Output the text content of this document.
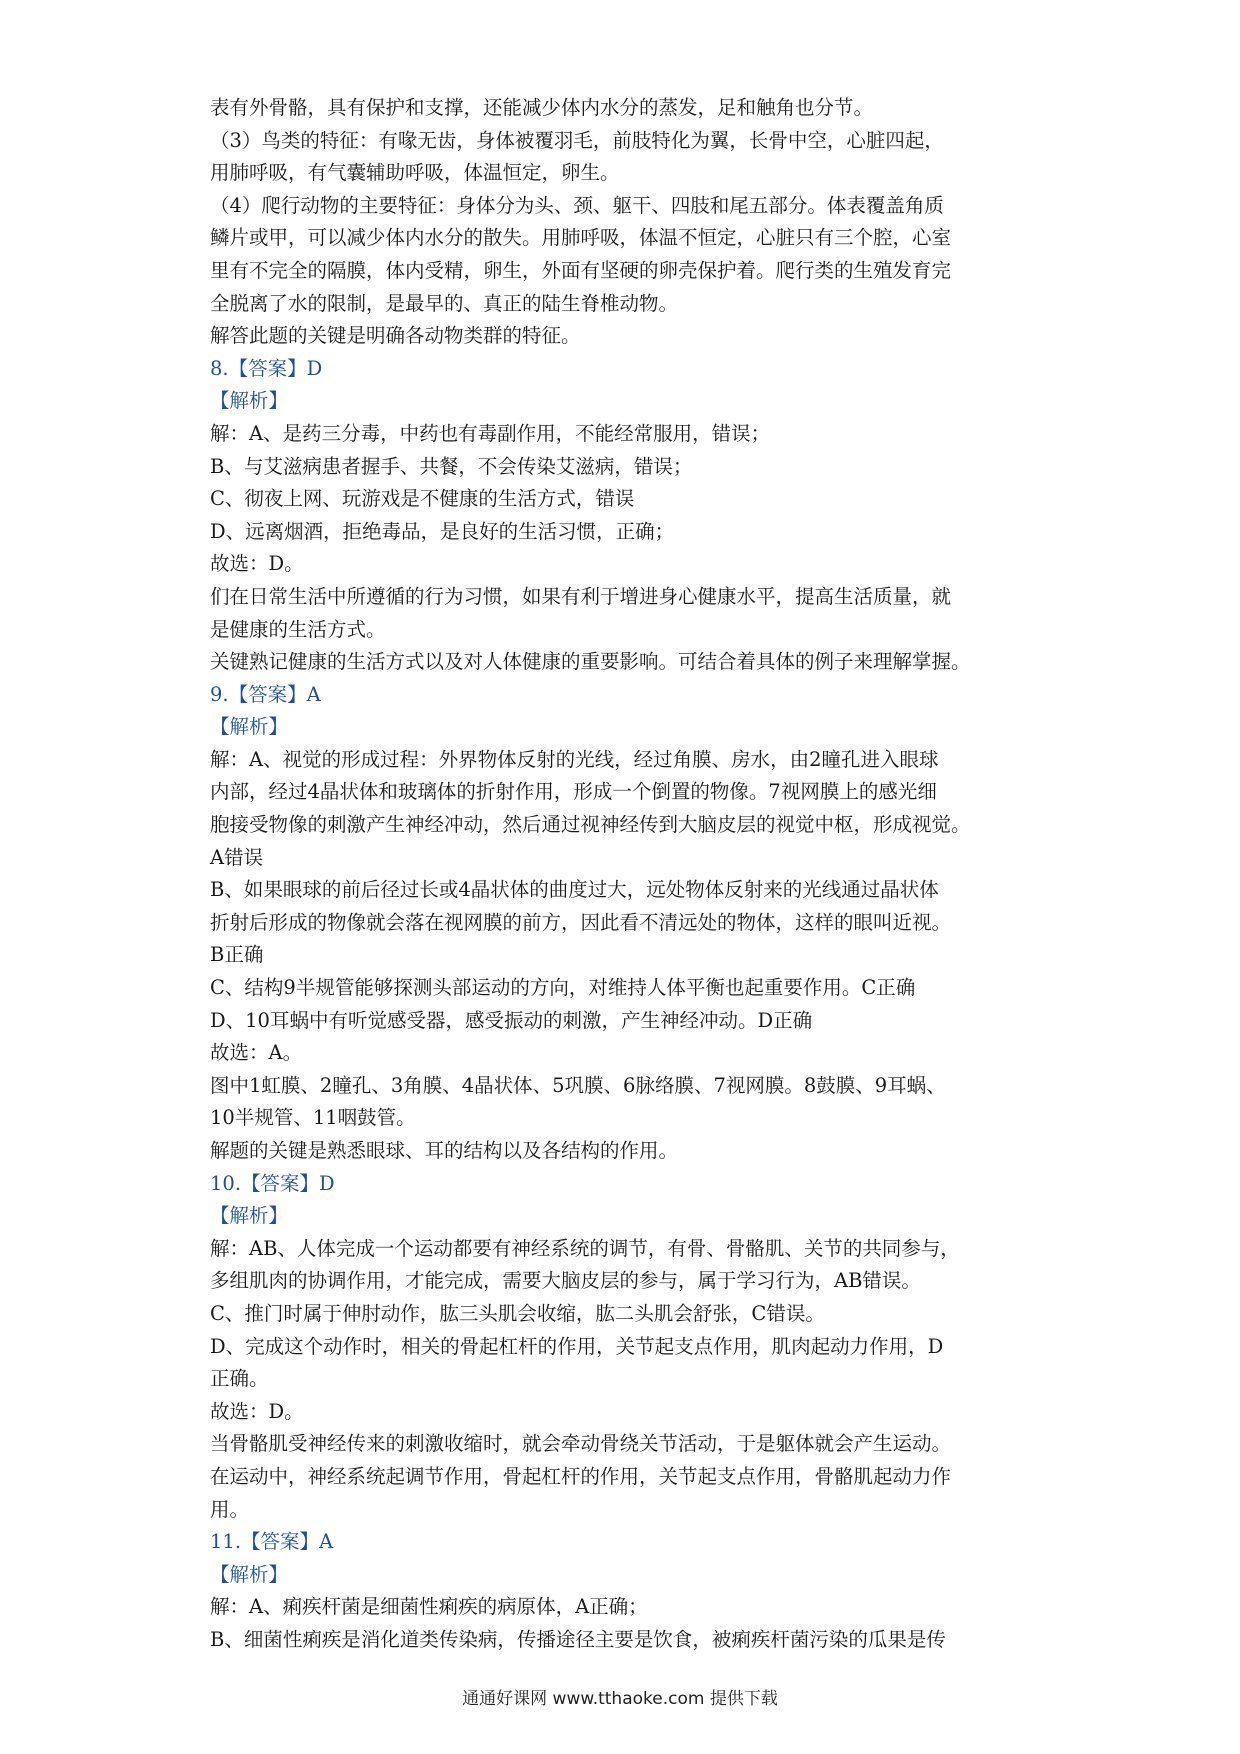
表有外骨骼，具有保护和支撑，还能减少体内水分的蒸发，足和触角也分节。
（3）鸟类的特征：有喙无齿，身体被覆羽毛，前肢特化为翼，长骨中空，心脏四起，
用肺呼吸，有气囊辅助呼吸，体温恒定，卵生。
（4）爬行动物的主要特征：身体分为头、颈、躯干、四肢和尾五部分。体表覆盖角质
鳞片或甲，可以减少体内水分的散失。用肺呼吸，体温不恒定，心脏只有三个腔，心室
里有不完全的隔膜，体内受精，卵生，外面有坚硬的卵壳保护着。爬行类的生殖发育完
全脱离了水的限制，是最早的、真正的陆生脊椎动物。
解答此题的关键是明确各动物类群的特征。
8.【答案】D
【解析】
解：A、是药三分毒，中药也有毒副作用，不能经常服用，错误；
B、与艾滋病患者握手、共餐，不会传染艾滋病，错误；
C、彻夜上网、玩游戏是不健康的生活方式，错误
D、远离烟酒，拒绝毒品，是良好的生活习惯，正确；
故选：D。
们在日常生活中所遵循的行为习惯，如果有利于增进身心健康水平，提高生活质量，就
是健康的生活方式。
关键熟记健康的生活方式以及对人体健康的重要影响。可结合着具体的例子来理解掌握。
9.【答案】A
【解析】
解：A、视觉的形成过程：外界物体反射的光线，经过角膜、房水，由2瞳孔进入眼球
内部，经过4晶状体和玻璃体的折射作用，形成一个倒置的物像。7视网膜上的感光细
胞接受物像的刺激产生神经冲动，然后通过视神经传到大脑皮层的视觉中枢，形成视觉。
A错误
B、如果眼球的前后径过长或4晶状体的曲度过大，远处物体反射来的光线通过晶状体
折射后形成的物像就会落在视网膜的前方，因此看不清远处的物体，这样的眼叫近视。
B正确
C、结构9半规管能够探测头部运动的方向，对维持人体平衡也起重要作用。C正确
D、10耳蜗中有听觉感受器，感受振动的刺激，产生神经冲动。D正确
故选：A。
图中1虹膜、2瞳孔、3角膜、4晶状体、5巩膜、6脉络膜、7视网膜。8鼓膜、9耳蜗、
10半规管、11咽鼓管。
解题的关键是熟悉眼球、耳的结构以及各结构的作用。
10.【答案】D
【解析】
解：AB、人体完成一个运动都要有神经系统的调节，有骨、骨骼肌、关节的共同参与，
多组肌肉的协调作用，才能完成，需要大脑皮层的参与，属于学习行为，AB错误。
C、推门时属于伸肘动作，肱三头肌会收缩，肱二头肌会舒张，C错误。
D、完成这个动作时，相关的骨起杠杆的作用，关节起支点作用，肌肉起动力作用，D
正确。
故选：D。
当骨骼肌受神经传来的刺激收缩时，就会牵动骨绕关节活动，于是躯体就会产生运动。
在运动中，神经系统起调节作用，骨起杠杆的作用，关节起支点作用，骨骼肌起动力作
用。
11.【答案】A
【解析】
解：A、痢疾杆菌是细菌性痢疾的病原体，A正确；
B、细菌性痢疾是消化道类传染病，传播途径主要是饮食，被痢疾杆菌污染的瓜果是传
通通好课网 www.tthaoke.com 提供下载
